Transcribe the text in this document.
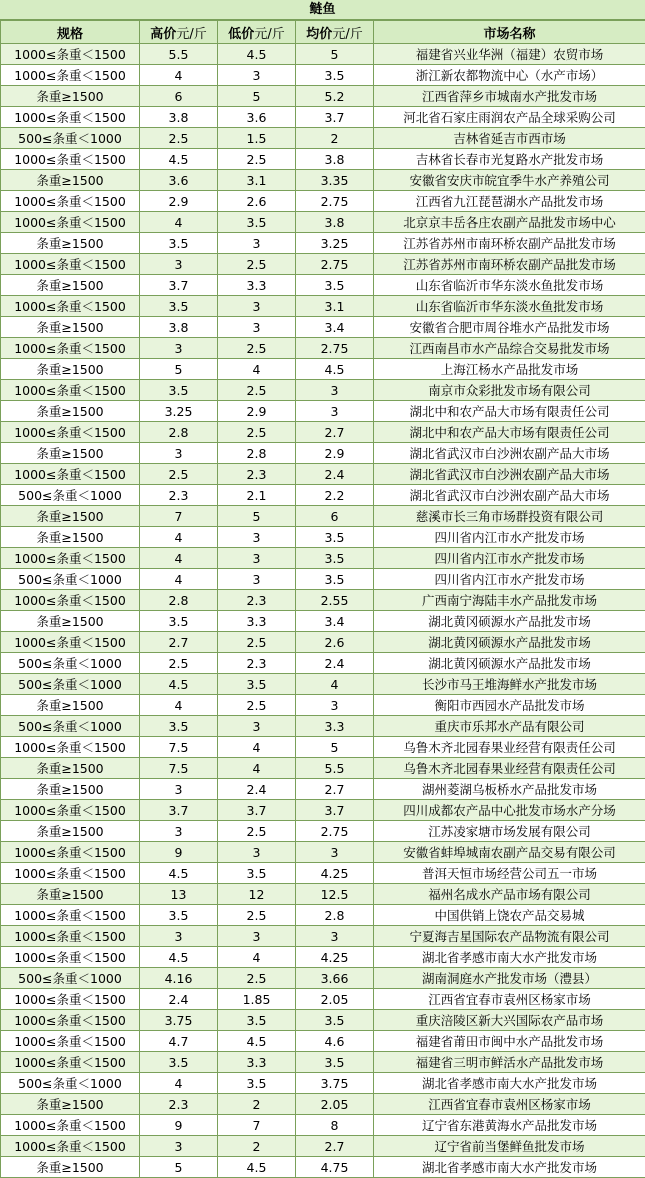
鲢鱼
规格	高价元/斤	低价元/斤	均价元/斤	市场名称
1000≤条重＜1500	5.5	4.5	5	福建省兴业华洲（福建）农贸市场
1000≤条重＜1500	4	3	3.5	浙江新农都物流中心（水产市场）
条重≥1500	6	5	5.2	江西省萍乡市城南水产批发市场
1000≤条重＜1500	3.8	3.6	3.7	河北省石家庄雨润农产品全球采购公司
500≤条重＜1000	2.5	1.5	2	吉林省延吉市西市场
1000≤条重＜1500	4.5	2.5	3.8	吉林省长春市光复路水产批发市场
条重≥1500	3.6	3.1	3.35	安徽省安庆市皖宜季牛水产养殖公司
1000≤条重＜1500	2.9	2.6	2.75	江西省九江琵琶湖水产品批发市场
1000≤条重＜1500	4	3.5	3.8	北京京丰岳各庄农副产品批发市场中心
条重≥1500	3.5	3	3.25	江苏省苏州市南环桥农副产品批发市场
1000≤条重＜1500	3	2.5	2.75	江苏省苏州市南环桥农副产品批发市场
条重≥1500	3.7	3.3	3.5	山东省临沂市华东淡水鱼批发市场
1000≤条重＜1500	3.5	3	3.1	山东省临沂市华东淡水鱼批发市场
条重≥1500	3.8	3	3.4	安徽省合肥市周谷堆水产品批发市场
1000≤条重＜1500	3	2.5	2.75	江西南昌市水产品综合交易批发市场
条重≥1500	5	4	4.5	上海江杨水产品批发市场
1000≤条重＜1500	3.5	2.5	3	南京市众彩批发市场有限公司
条重≥1500	3.25	2.9	3	湖北中和农产品大市场有限责任公司
1000≤条重＜1500	2.8	2.5	2.7	湖北中和农产品大市场有限责任公司
条重≥1500	3	2.8	2.9	湖北省武汉市白沙洲农副产品大市场
1000≤条重＜1500	2.5	2.3	2.4	湖北省武汉市白沙洲农副产品大市场
500≤条重＜1000	2.3	2.1	2.2	湖北省武汉市白沙洲农副产品大市场
条重≥1500	7	5	6	慈溪市长三角市场群投资有限公司
条重≥1500	4	3	3.5	四川省内江市水产批发市场
1000≤条重＜1500	4	3	3.5	四川省内江市水产批发市场
500≤条重＜1000	4	3	3.5	四川省内江市水产批发市场
1000≤条重＜1500	2.8	2.3	2.55	广西南宁海陆丰水产品批发市场
条重≥1500	3.5	3.3	3.4	湖北黄冈硕源水产品批发市场
1000≤条重＜1500	2.7	2.5	2.6	湖北黄冈硕源水产品批发市场
500≤条重＜1000	2.5	2.3	2.4	湖北黄冈硕源水产品批发市场
500≤条重＜1000	4.5	3.5	4	长沙市马王堆海鲜水产批发市场
条重≥1500	4	2.5	3	衡阳市西园水产品批发市场
500≤条重＜1000	3.5	3	3.3	重庆市乐邦水产品有限公司
1000≤条重＜1500	7.5	4	5	乌鲁木齐北园春果业经营有限责任公司
条重≥1500	7.5	4	5.5	乌鲁木齐北园春果业经营有限责任公司
条重≥1500	3	2.4	2.7	湖州菱湖乌板桥水产品批发市场
1000≤条重＜1500	3.7	3.7	3.7	四川成都农产品中心批发市场水产分场
条重≥1500	3	2.5	2.75	江苏凌家塘市场发展有限公司
1000≤条重＜1500	9	3	3	安徽省蚌埠城南农副产品交易有限公司
1000≤条重＜1500	4.5	3.5	4.25	普洱天恒市场经营公司五一市场
条重≥1500	13	12	12.5	福州名成水产品市场有限公司
1000≤条重＜1500	3.5	2.5	2.8	中国供销上饶农产品交易城
1000≤条重＜1500	3	3	3	宁夏海吉星国际农产品物流有限公司
1000≤条重＜1500	4.5	4	4.25	湖北省孝感市南大水产批发市场
500≤条重＜1000	4.16	2.5	3.66	湖南洞庭水产批发市场（澧县）
1000≤条重＜1500	2.4	1.85	2.05	江西省宜春市袁州区杨家市场
1000≤条重＜1500	3.75	3.5	3.5	重庆涪陵区新大兴国际农产品市场
1000≤条重＜1500	4.7	4.5	4.6	福建省莆田市闽中水产品批发市场
1000≤条重＜1500	3.5	3.3	3.5	福建省三明市鲜活水产品批发市场
500≤条重＜1000	4	3.5	3.75	湖北省孝感市南大水产批发市场
条重≥1500	2.3	2	2.05	江西省宜春市袁州区杨家市场
1000≤条重＜1500	9	7	8	辽宁省东港黄海水产品批发市场
1000≤条重＜1500	3	2	2.7	辽宁省前当堡鲜鱼批发市场
条重≥1500	5	4.5	4.75	湖北省孝感市南大水产批发市场
